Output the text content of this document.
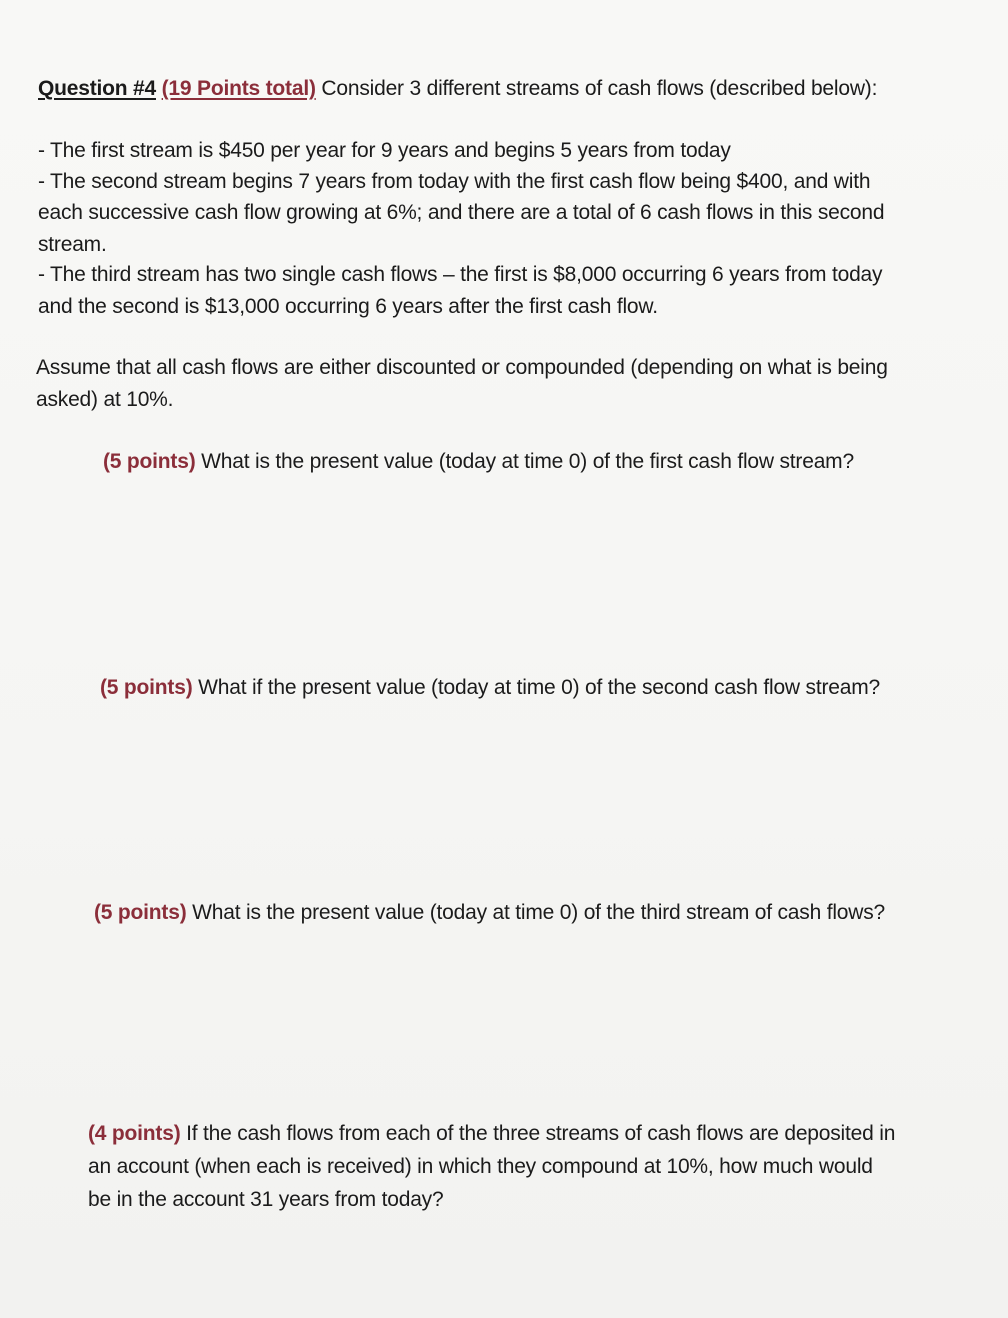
Question #4 (19 Points total) Consider 3 different streams of cash flows (described below):
- The first stream is $450 per year for 9 years and begins 5 years from today
- The second stream begins 7 years from today with the first cash flow being $400, and with
each successive cash flow growing at 6%; and there are a total of 6 cash flows in this second
stream.
- The third stream has two single cash flows – the first is $8,000 occurring 6 years from today
and the second is $13,000 occurring 6 years after the first cash flow.
Assume that all cash flows are either discounted or compounded (depending on what is being
asked) at 10%.
(5 points) What is the present value (today at time 0) of the first cash flow stream?
(5 points) What if the present value (today at time 0) of the second cash flow stream?
(5 points) What is the present value (today at time 0) of the third stream of cash flows?
(4 points) If the cash flows from each of the three streams of cash flows are deposited in
an account (when each is received) in which they compound at 10%, how much would
be in the account 31 years from today?
